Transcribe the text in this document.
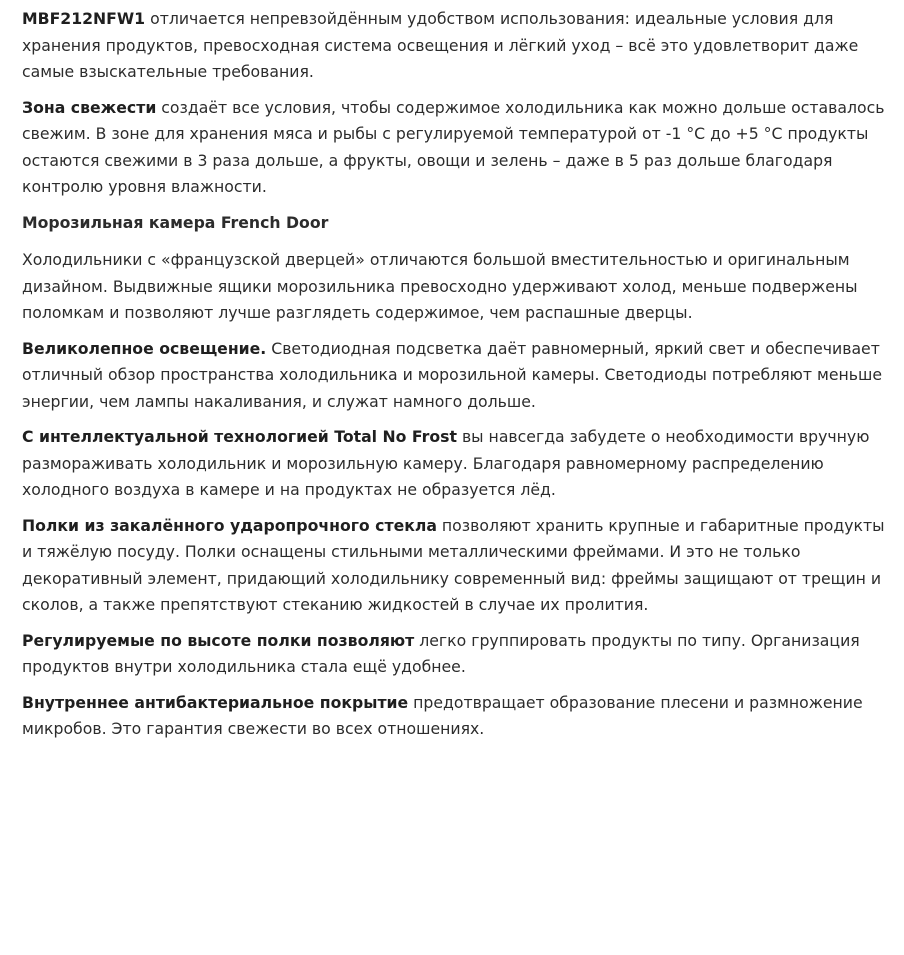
MBF212NFW1 отличается непревзойдённым удобством использования: идеальные условия для хранения продуктов, превосходная система освещения и лёгкий уход – всё это удовлетворит даже самые взыскательные требования.

Зона свежести создаёт все условия, чтобы содержимое холодильника как можно дольше оставалось свежим. В зоне для хранения мяса и рыбы с регулируемой температурой от -1 °С до +5 °С продукты остаются свежими в 3 раза дольше, а фрукты, овощи и зелень – даже в 5 раз дольше благодаря контролю уровня влажности.

Морозильная камера French Door

Холодильники с «французской дверцей» отличаются большой вместительностью и оригинальным дизайном. Выдвижные ящики морозильника превосходно удерживают холод, меньше подвержены поломкам и позволяют лучше разглядеть содержимое, чем распашные дверцы.

Великолепное освещение. Светодиодная подсветка даёт равномерный, яркий свет и обеспечивает отличный обзор пространства холодильника и морозильной камеры. Светодиоды потребляют меньше энергии, чем лампы накаливания, и служат намного дольше.

С интеллектуальной технологией Total No Frost вы навсегда забудете о необходимости вручную размораживать холодильник и морозильную камеру. Благодаря равномерному распределению холодного воздуха в камере и на продуктах не образуется лёд.

Полки из закалённого ударопрочного стекла позволяют хранить крупные и габаритные продукты и тяжёлую посуду. Полки оснащены стильными металлическими фреймами. И это не только декоративный элемент, придающий холодильнику современный вид: фреймы защищают от трещин и сколов, а также препятствуют стеканию жидкостей в случае их пролития.

Регулируемые по высоте полки позволяют легко группировать продукты по типу. Организация продуктов внутри холодильника стала ещё удобнее.

Внутреннее антибактериальное покрытие предотвращает образование плесени и размножение микробов. Это гарантия свежести во всех отношениях.
